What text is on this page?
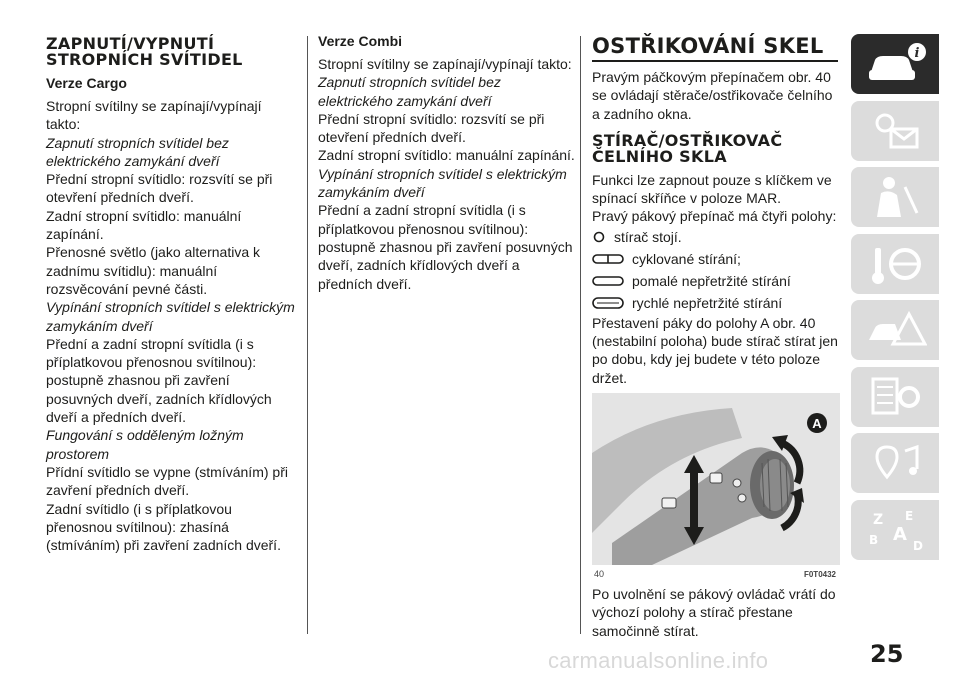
ZAPNUTÍ/VYPNUTÍ
STROPNÍCH SVÍTIDEL
Verze Cargo

Stropní svítilny se zapínají/vypínají takto:

Zapnutí stropních svítidel bez elektrického zamykání dveří

Přední stropní svítidlo: rozsvítí se při otevření předních dveří.

Zadní stropní svítidlo: manuální zapínání.

Přenosné světlo (jako alternativa k zadnímu svítidlu): manuální rozsvěcování pevné části.

Vypínání stropních svítidel s elektrickým zamykáním dveří

Přední a zadní stropní svítidla (i s příplatkovou přenosnou svítilnou): postupně zhasnou při zavření posuvných dveří, zadních křídlových dveří a předních dveří.

Fungování s odděleným ložným prostorem

Přídní svítidlo se vypne (stmíváním) při zavření předních dveří.

Zadní svítidlo (i s příplatkovou přenosnou svítilnou): zhasíná (stmíváním) při zavření zadních dveří.

Verze Combi

Stropní svítilny se zapínají/vypínají takto:

Zapnutí stropních svítidel bez elektrického zamykání dveří

Přední stropní svítidlo: rozsvítí se při otevření předních dveří.

Zadní stropní svítidlo: manuální zapínání.

Vypínání stropních svítidel s elektrickým zamykáním dveří

Přední a zadní stropní svítidla (i s příplatkovou přenosnou svítilnou): postupně zhasnou při zavření posuvných dveří, zadních křídlových dveří a předních dveří.

OSTŘIKOVÁNÍ SKEL

Pravým páčkovým přepínačem obr. 40 se ovládají stěrače/ostřikovače čelního a zadního okna.

STÍRAČ/OSTŘIKOVAČ
ČELNÍHO SKLA

Funkci lze zapnout pouze s klíčkem ve spínací skříňce v poloze MAR.

Pravý pákový přepínač má čtyři polohy:

stírač stojí.
cyklované stírání;
pomalé nepřetržité stírání
rychlé nepřetržité stírání

Přestavení páky do polohy A obr. 40 (nestabilní poloha) bude stírač stírat jen po dobu, kdy jej budete v této poloze držet.

A
40	F0T0432

Po uvolnění se pákový ovládač vrátí do výchozí polohy a stírač přestane samočinně stírat.

i
Z E
B A
D
25
carmanualsonline.info
